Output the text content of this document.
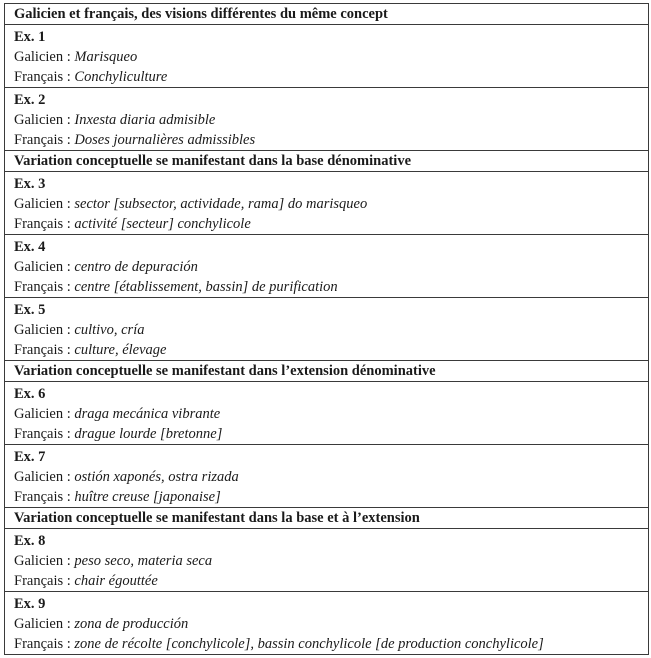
Galicien et français, des visions différentes du même concept

Ex. 1
Galicien : Marisqueo
Français : Conchyliculture

Ex. 2
Galicien : Inxesta diaria admisible
Français : Doses journalières admissibles

Variation conceptuelle se manifestant dans la base dénominative

Ex. 3
Galicien : sector [subsector, actividade, rama] do marisqueo
Français : activité [secteur] conchylicole

Ex. 4
Galicien : centro de depuración
Français : centre [établissement, bassin] de purification

Ex. 5
Galicien : cultivo, cría
Français : culture, élevage

Variation conceptuelle se manifestant dans l’extension dénominative

Ex. 6
Galicien : draga mecánica vibrante
Français : drague lourde [bretonne]

Ex. 7
Galicien : ostión xaponés, ostra rizada
Français : huître creuse [japonaise]

Variation conceptuelle se manifestant dans la base et à l’extension

Ex. 8
Galicien : peso seco, materia seca
Français : chair égouttée

Ex. 9
Galicien : zona de producción
Français : zone de récolte [conchylicole], bassin conchylicole [de production conchylicole]
